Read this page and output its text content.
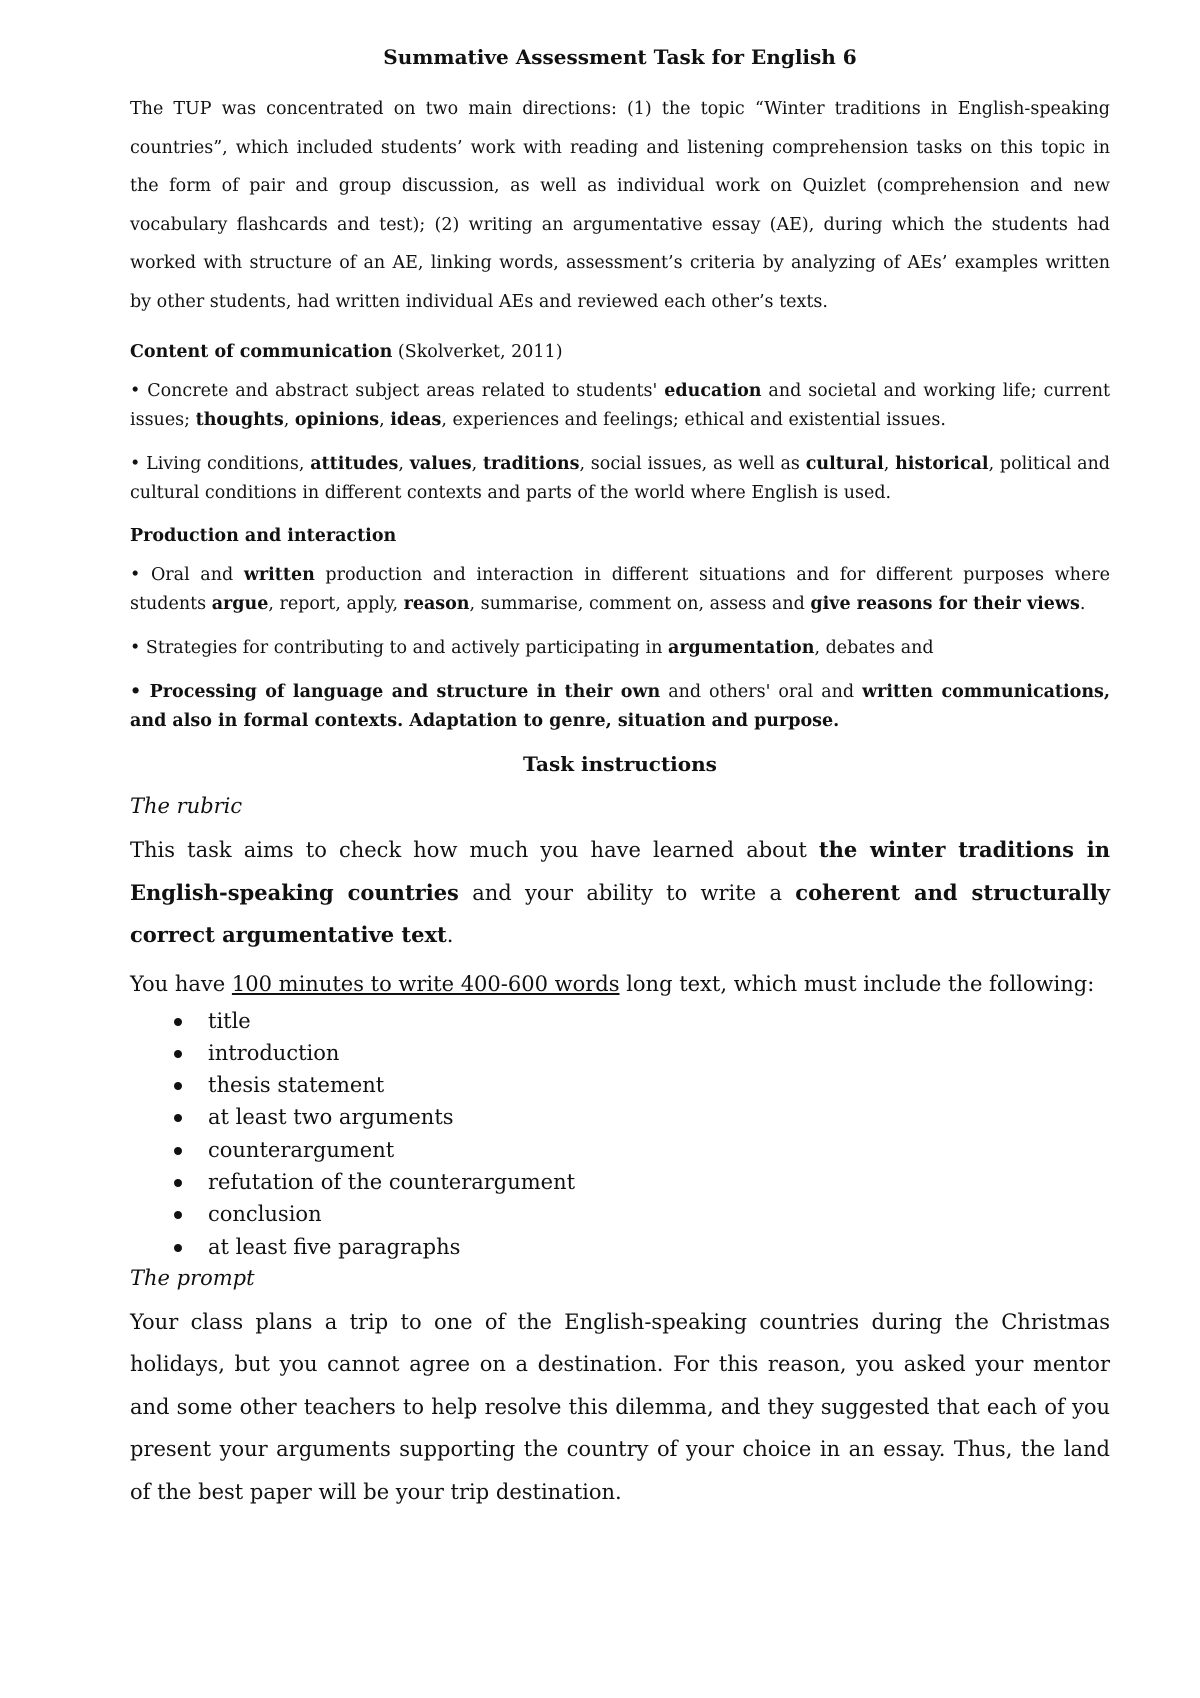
Summative Assessment Task for English 6

The TUP was concentrated on two main directions: (1) the topic “Winter traditions in English-speaking countries”, which included students’ work with reading and listening comprehension tasks on this topic in the form of pair and group discussion, as well as individual work on Quizlet (comprehension and new vocabulary flashcards and test); (2) writing an argumentative essay (AE), during which the students had worked with structure of an AE, linking words, assessment’s criteria by analyzing of AEs’ examples written by other students, had written individual AEs and reviewed each other’s texts.

Content of communication (Skolverket, 2011)

• Concrete and abstract subject areas related to students' education and societal and working life; current issues; thoughts, opinions, ideas, experiences and feelings; ethical and existential issues.

• Living conditions, attitudes, values, traditions, social issues, as well as cultural, historical, political and cultural conditions in different contexts and parts of the world where English is used.

Production and interaction

• Oral and written production and interaction in different situations and for different purposes where students argue, report, apply, reason, summarise, comment on, assess and give reasons for their views.

• Strategies for contributing to and actively participating in argumentation, debates and

• Processing of language and structure in their own and others' oral and written communications, and also in formal contexts. Adaptation to genre, situation and purpose.

Task instructions

The rubric

This task aims to check how much you have learned about the winter traditions in English-speaking countries and your ability to write a coherent and structurally correct argumentative text.

You have 100 minutes to write 400-600 words long text, which must include the following:

title
introduction
thesis statement
at least two arguments
counterargument
refutation of the counterargument
conclusion
at least five paragraphs

The prompt

Your class plans a trip to one of the English-speaking countries during the Christmas holidays, but you cannot agree on a destination. For this reason, you asked your mentor and some other teachers to help resolve this dilemma, and they suggested that each of you present your arguments supporting the country of your choice in an essay. Thus, the land of the best paper will be your trip destination.
